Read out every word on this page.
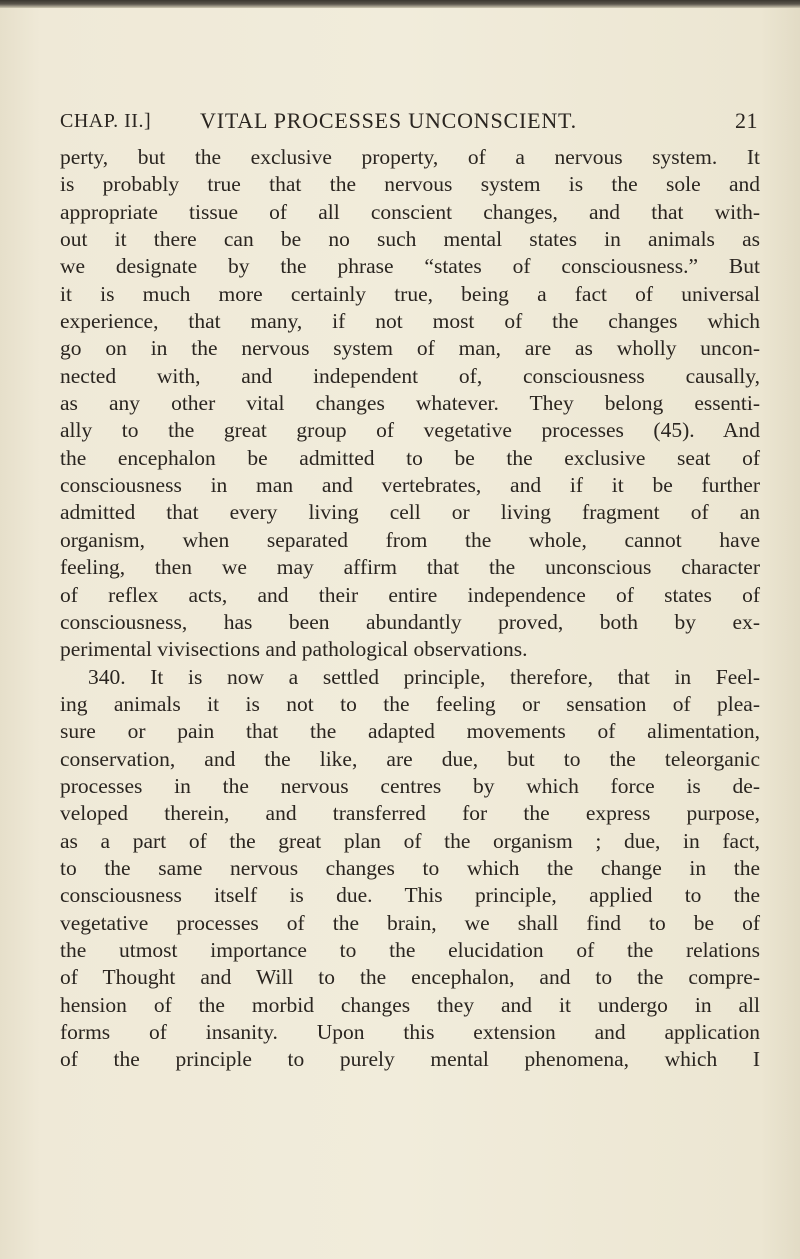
CHAP. II.] VITAL PROCESSES UNCONSCIENT.	21
perty, but the exclusive property, of a nervous system. It
is probably true that the nervous system is the sole and
appropriate tissue of all conscient changes, and that with-
out it there can be no such mental states in animals as
we designate by the phrase “states of consciousness.” But
it is much more certainly true, being a fact of universal
experience, that many, if not most of the changes which
go on in the nervous system of man, are as wholly uncon-
nected with, and independent of, consciousness causally,
as any other vital changes whatever. They belong essenti-
ally to the great group of vegetative processes (45). And
the encephalon be admitted to be the exclusive seat of
consciousness in man and vertebrates, and if it be further
admitted that every living cell or living fragment of an
organism, when separated from the whole, cannot have
feeling, then we may affirm that the unconscious character
of reflex acts, and their entire independence of states of
consciousness, has been abundantly proved, both by ex-
perimental vivisections and pathological observations.
340. It is now a settled principle, therefore, that in Feel-
ing animals it is not to the feeling or sensation of plea-
sure or pain that the adapted movements of alimentation,
conservation, and the like, are due, but to the teleorganic
processes in the nervous centres by which force is de-
veloped therein, and transferred for the express purpose,
as a part of the great plan of the organism ; due, in fact,
to the same nervous changes to which the change in the
consciousness itself is due. This principle, applied to the
vegetative processes of the brain, we shall find to be of
the utmost importance to the elucidation of the relations
of Thought and Will to the encephalon, and to the compre-
hension of the morbid changes they and it undergo in all
forms of insanity. Upon this extension and application
of the principle to purely mental phenomena, which I
